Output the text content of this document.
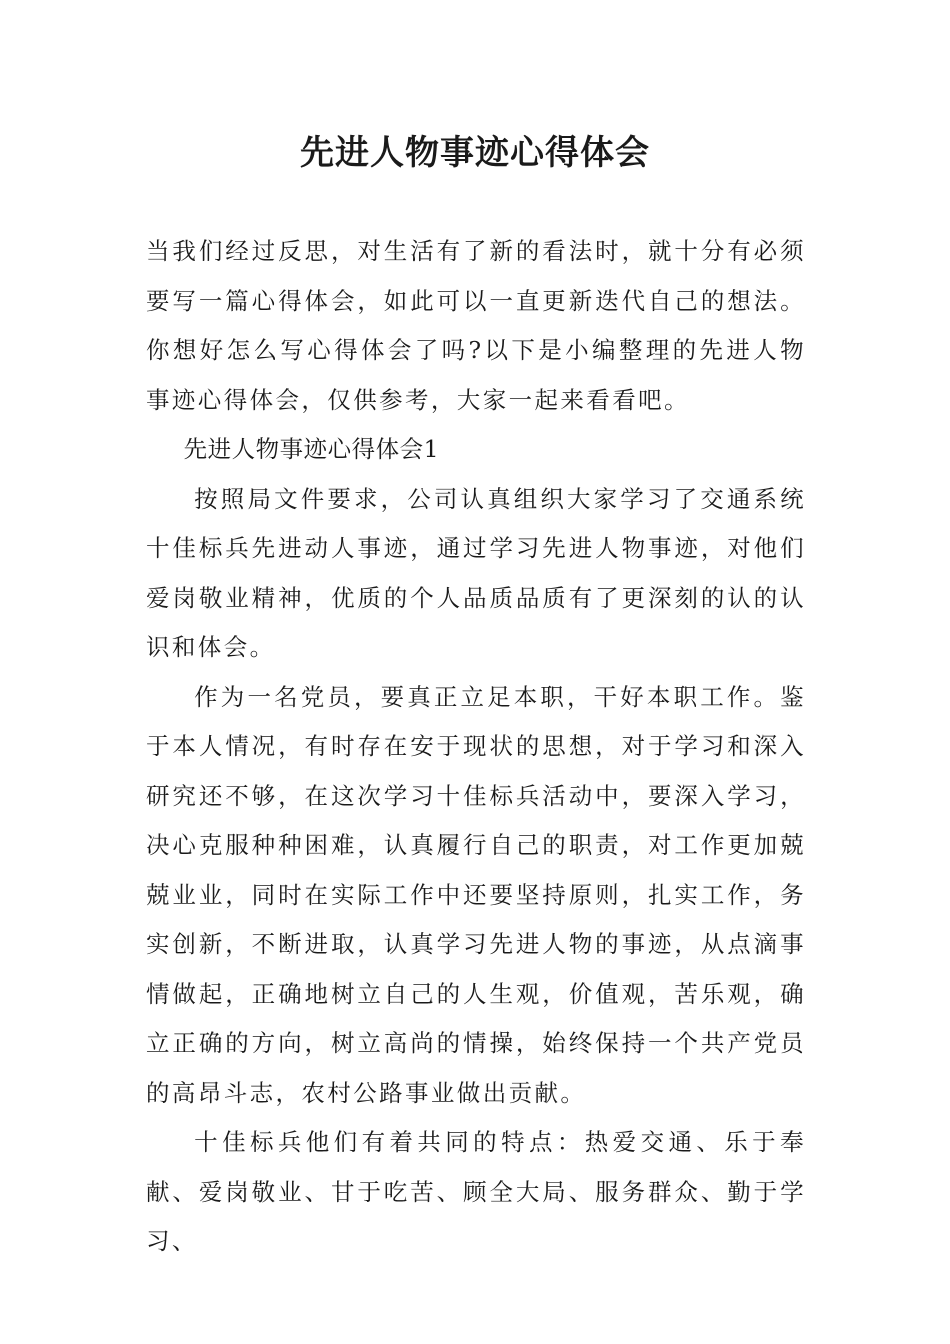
先进人物事迹心得体会

当我们经过反思，对生活有了新的看法时，就十分有必须要写一篇心得体会，如此可以一直更新迭代自己的想法。你想好怎么写心得体会了吗?以下是小编整理的先进人物事迹心得体会，仅供参考，大家一起来看看吧。

先进人物事迹心得体会1

按照局文件要求，公司认真组织大家学习了交通系统十佳标兵先进动人事迹，通过学习先进人物事迹，对他们爱岗敬业精神，优质的个人品质品质有了更深刻的认的认识和体会。

作为一名党员，要真正立足本职，干好本职工作。鉴于本人情况，有时存在安于现状的思想，对于学习和深入研究还不够，在这次学习十佳标兵活动中，要深入学习，决心克服种种困难，认真履行自己的职责，对工作更加兢兢业业，同时在实际工作中还要坚持原则，扎实工作，务实创新，不断进取，认真学习先进人物的事迹，从点滴事情做起，正确地树立自己的人生观，价值观，苦乐观，确立正确的方向，树立高尚的情操，始终保持一个共产党员的高昂斗志，农村公路事业做出贡献。

十佳标兵他们有着共同的特点：热爱交通、乐于奉献、爱岗敬业、甘于吃苦、顾全大局、服务群众、勤于学习、
